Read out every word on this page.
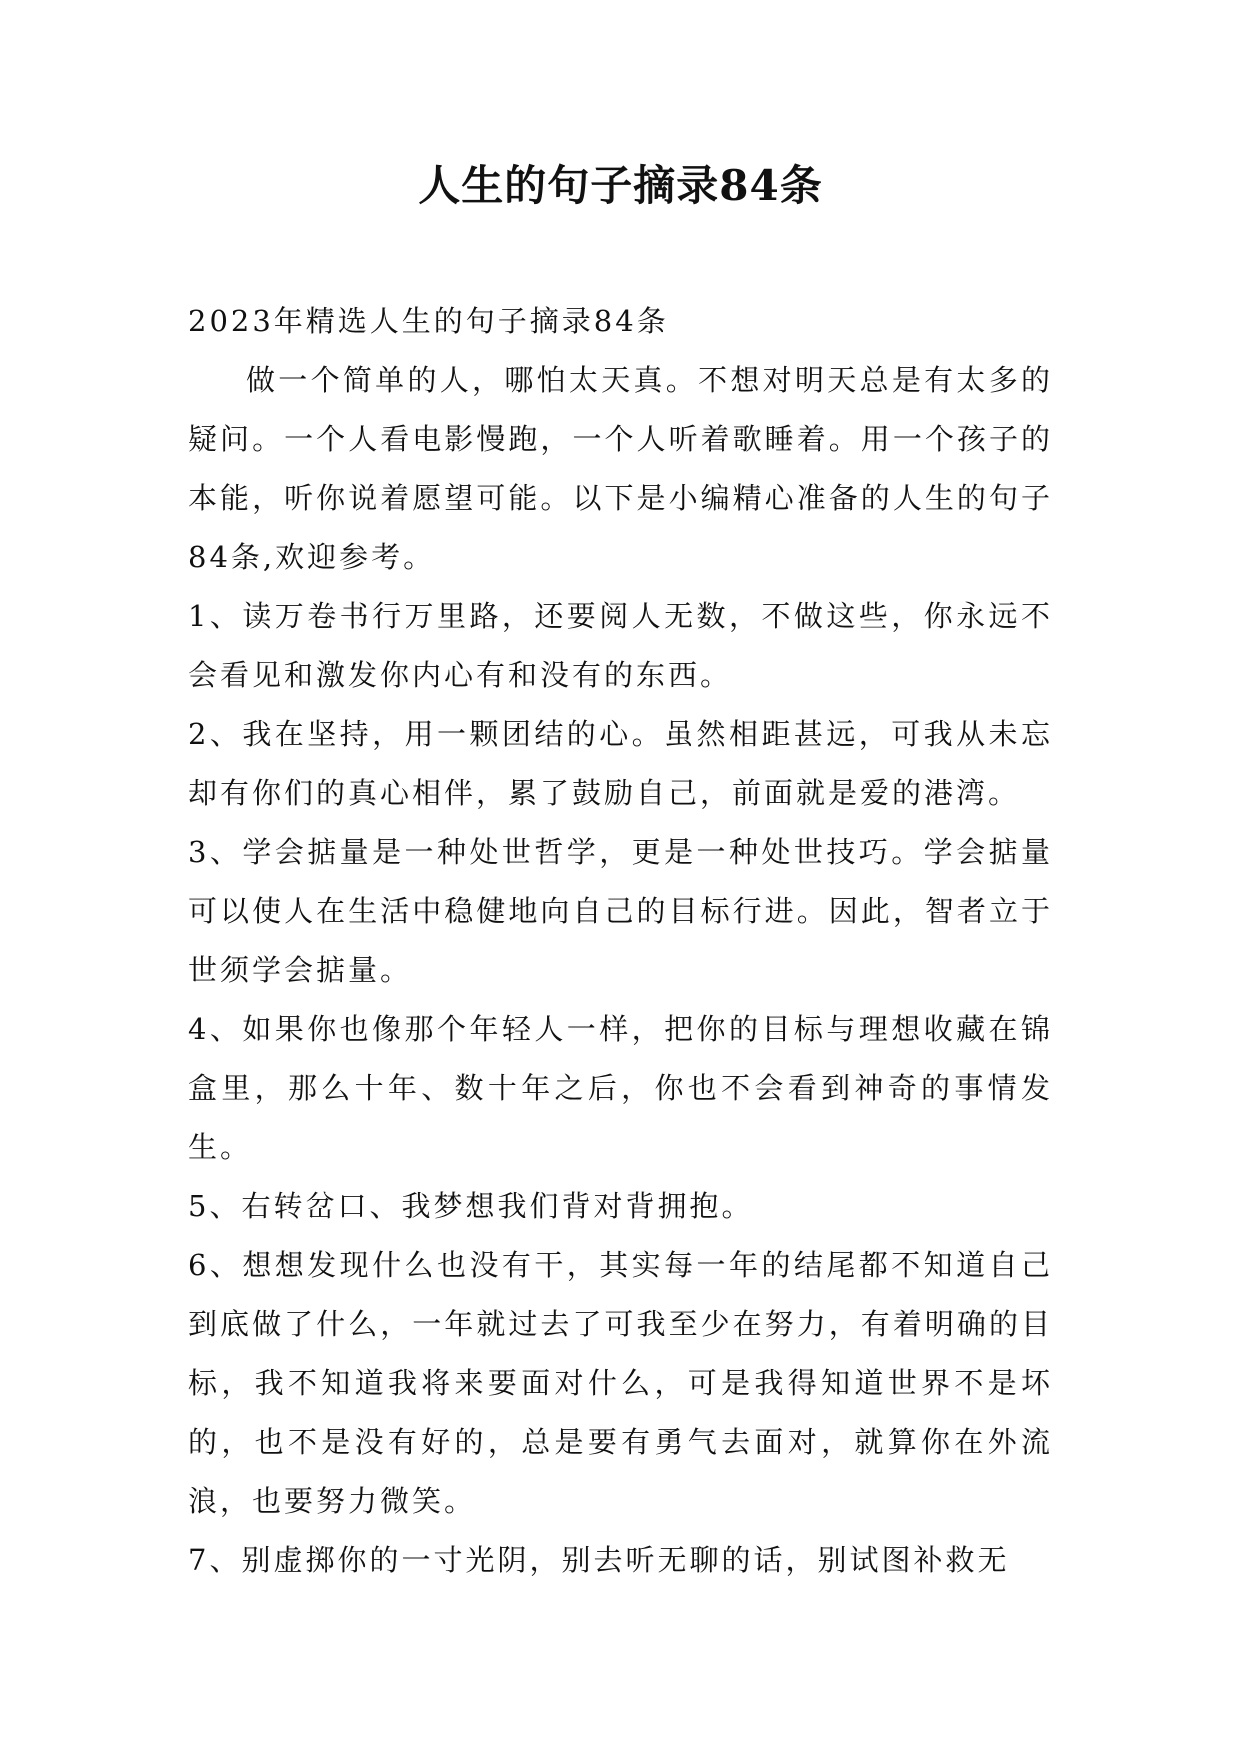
人生的句子摘录84条

2023年精选人生的句子摘录84条

做一个简单的人，哪怕太天真。不想对明天总是有太多的疑问。一个人看电影慢跑，一个人听着歌睡着。用一个孩子的本能，听你说着愿望可能。以下是小编精心准备的人生的句子84条,欢迎参考。

1、读万卷书行万里路，还要阅人无数，不做这些，你永远不会看见和激发你内心有和没有的东西。

2、我在坚持，用一颗团结的心。虽然相距甚远，可我从未忘却有你们的真心相伴，累了鼓励自己，前面就是爱的港湾。

3、学会掂量是一种处世哲学，更是一种处世技巧。学会掂量可以使人在生活中稳健地向自己的目标行进。因此，智者立于世须学会掂量。

4、如果你也像那个年轻人一样，把你的目标与理想收藏在锦盒里，那么十年、数十年之后，你也不会看到神奇的事情发生。

5、右转岔口、我梦想我们背对背拥抱。

6、想想发现什么也没有干，其实每一年的结尾都不知道自己到底做了什么，一年就过去了可我至少在努力，有着明确的目标，我不知道我将来要面对什么，可是我得知道世界不是坏的，也不是没有好的，总是要有勇气去面对，就算你在外流浪，也要努力微笑。

7、别虚掷你的一寸光阴，别去听无聊的话，别试图补救无
